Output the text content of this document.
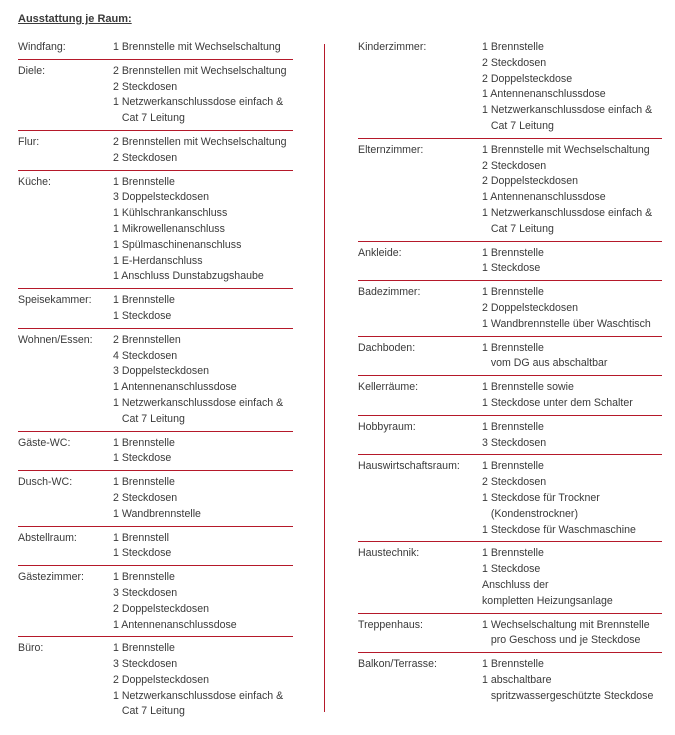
Ausstattung je Raum:
Windfang:	1 Brennstelle mit Wechselschaltung
Diele:	2 Brennstellen mit Wechselschaltung
2 Steckdosen
1 Netzwerkanschlussdose einfach &
Cat 7 Leitung
Flur:	2 Brennstellen mit Wechselschaltung
2 Steckdosen
Küche:	1 Brennstelle
3 Doppelsteckdosen
1 Kühlschrankanschluss
1 Mikrowellenanschluss
1 Spülmaschinenanschluss
1 E-Herdanschluss
1 Anschluss Dunstabzugshaube
Speisekammer:	1 Brennstelle
1 Steckdose
Wohnen/Essen:	2 Brennstellen
4 Steckdosen
3 Doppelsteckdosen
1 Antennenanschlussdose
1 Netzwerkanschlussdose einfach &
Cat 7 Leitung
Gäste-WC:	1 Brennstelle
1 Steckdose
Dusch-WC:	1 Brennstelle
2 Steckdosen
1 Wandbrennstelle
Abstellraum:	1 Brennstell
1 Steckdose
Gästezimmer:	1 Brennstelle
3 Steckdosen
2 Doppelsteckdosen
1 Antennenanschlussdose
Büro:	1 Brennstelle
3 Steckdosen
2 Doppelsteckdosen
1 Netzwerkanschlussdose einfach &
Cat 7 Leitung
Kinderzimmer:	1 Brennstelle
2 Steckdosen
2 Doppelsteckdose
1 Antennenanschlussdose
1 Netzwerkanschlussdose einfach &
Cat 7 Leitung
Elternzimmer:	1 Brennstelle mit Wechselschaltung
2 Steckdosen
2 Doppelsteckdosen
1 Antennenanschlussdose
1 Netzwerkanschlussdose einfach &
Cat 7 Leitung
Ankleide:	1 Brennstelle
1 Steckdose
Badezimmer:	1 Brennstelle
2 Doppelsteckdosen
1 Wandbrennstelle über Waschtisch
Dachboden:	1 Brennstelle
vom DG aus abschaltbar
Kellerräume:	1 Brennstelle sowie
1 Steckdose unter dem Schalter
Hobbyraum:	1 Brennstelle
3 Steckdosen
Hauswirtschaftsraum:	1 Brennstelle
2 Steckdosen
1 Steckdose für Trockner
(Kondenstrockner)
1 Steckdose für Waschmaschine
Haustechnik:	1 Brennstelle
1 Steckdose
Anschluss der
kompletten Heizungsanlage
Treppenhaus:	1 Wechselschaltung mit Brennstelle
pro Geschoss und je Steckdose
Balkon/Terrasse:	1 Brennstelle
1 abschaltbare
spritzwassergeschützte Steckdose
